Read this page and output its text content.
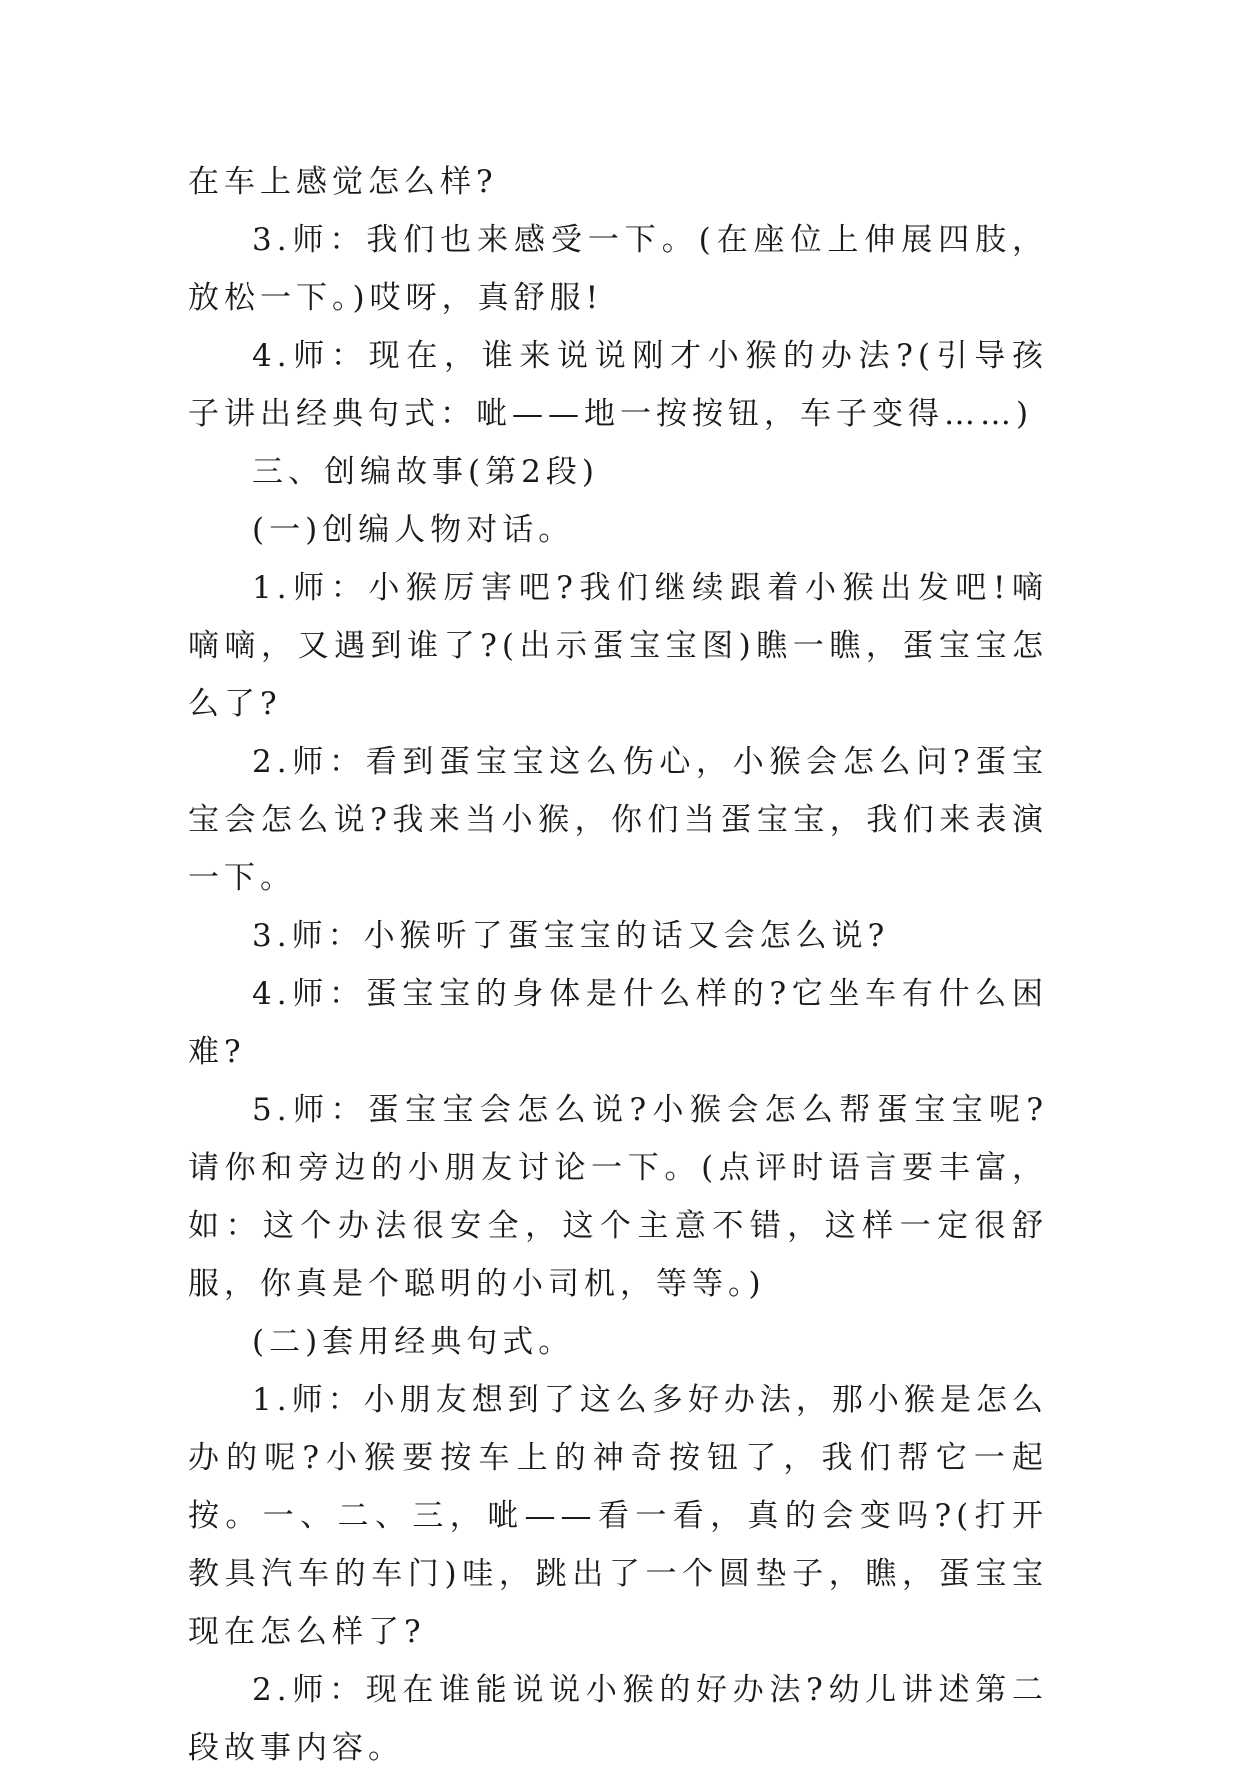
在车上感觉怎么样?

3.师：我们也来感受一下。(在座位上伸展四肢，放松一下。)哎呀，真舒服!

4.师：现在，谁来说说刚才小猴的办法?(引导孩子讲出经典句式：呲——地一按按钮，车子变得……)

三、创编故事(第2段)

(一)创编人物对话。

1.师：小猴厉害吧?我们继续跟着小猴出发吧!嘀嘀嘀，又遇到谁了?(出示蛋宝宝图)瞧一瞧，蛋宝宝怎么了?

2.师：看到蛋宝宝这么伤心，小猴会怎么问?蛋宝宝会怎么说?我来当小猴，你们当蛋宝宝，我们来表演一下。

3.师：小猴听了蛋宝宝的话又会怎么说?

4.师：蛋宝宝的身体是什么样的?它坐车有什么困难?

5.师：蛋宝宝会怎么说?小猴会怎么帮蛋宝宝呢?请你和旁边的小朋友讨论一下。(点评时语言要丰富，如：这个办法很安全，这个主意不错，这样一定很舒服，你真是个聪明的小司机，等等。)

(二)套用经典句式。

1.师：小朋友想到了这么多好办法，那小猴是怎么办的呢?小猴要按车上的神奇按钮了，我们帮它一起按。一、二、三，呲——看一看，真的会变吗?(打开教具汽车的车门)哇，跳出了一个圆垫子，瞧，蛋宝宝现在怎么样了?

2.师：现在谁能说说小猴的好办法?幼儿讲述第二段故事内容。
